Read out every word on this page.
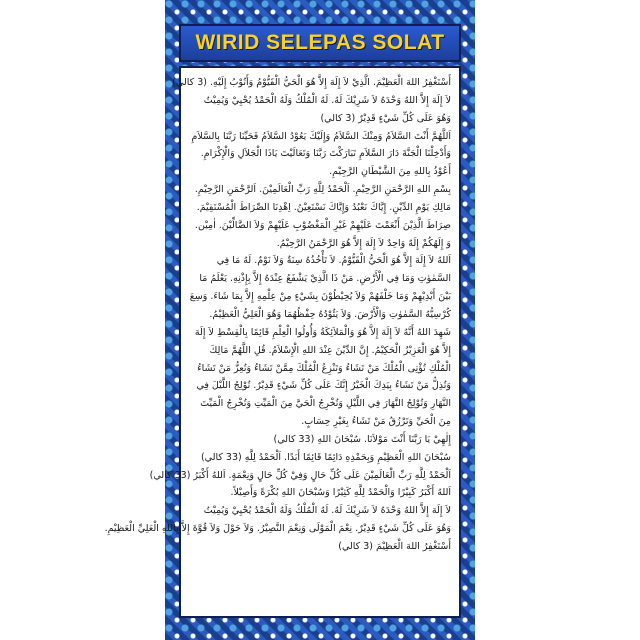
WIRID SELEPAS SOLAT
أَسْتَغْفِرُ اللهَ الْعَظِيْمَ. الَّذِيْ لاَ إِلَهَ إِلاَّ هُوَ الْحَيُّ الْقَيُّوْمُ وَأَتُوْبُ إِلَيْهِ. (3 كالي)
لاَ إِلَهَ إِلاَّ اللهُ وَحْدَهُ لاَ شَرِيْكَ لَهُ. لَهُ الْمُلْكُ وَلَهُ الْحَمْدُ يُحْيِيْ وَيُمِيْتُ
وَهُوَ عَلَى كُلِّ شَيْءٍ قَدِيْرٌ (3 كالي)
اَللَّهُمَّ أَنْتَ السَّلاَمُ وَمِنْكَ السَّلاَمُ وَإِلَيْكَ يَعُوْدُ السَّلاَمُ فَحَيِّنَا رَبَّنَا بِالسَّلاَمِ
وَأَدْخِلْنَا الْجَنَّةَ دَارَ السَّلاَمِ تَبَارَكْتَ رَبَّنَا وَتَعَالَيْتَ يَاذَا الْجَلاَلِ وَالْإِكْرَامِ.
أَعُوْذُ بِاللهِ مِنَ الشَّيْطَانِ الرَّجِيْمِ.
بِسْمِ اللهِ الرَّحْمَنِ الرَّحِيْمِ. اَلْحَمْدُ لِلَّهِ رَبِّ الْعَالَمِيْنَ. اَلرَّحْمَنِ الرَّحِيْمِ.
مَالِكِ يَوْمِ الدِّيْنِ. إِيَّاكَ نَعْبُدُ وَإِيَّاكَ نَسْتَعِيْنُ. اِهْدِنَا الصِّرَاطَ الْمُسْتَقِيْمَ.
صِرَاطَ الَّذِيْنَ أَنْعَمْتَ عَلَيْهِمْ غَيْرِ الْمَغْضُوْبِ عَلَيْهِمْ وَلاَ الضَّالِّيْنَ. اٰمِيْن.
وَ إِلَهُكُمْ إِلَهٌ وَاحِدٌ لاَ إِلَهَ إِلاَّ هُوَ الرَّحْمَنُ الرَّحِيْمُ.
اَللهُ لاَ إِلَهَ إِلاَّ هُوَ الْحَيُّ الْقَيُّوْمُ. لاَ تَأْخُذُهُ سِنَةٌ وَلاَ نَوْمٌ. لَهُ مَا فِي
السَّمٰوٰتِ وَمَا فِي الْأَرْضِ. مَنْ ذَا الَّذِيْ يَشْفَعُ عِنْدَهُ إِلاَّ بِإِذْنِهِ. يَعْلَمُ مَا
بَيْنَ أَيْدِيْهِمْ وَمَا خَلْفَهُمْ وَلاَ يُحِيْطُوْنَ بِشَيْءٍ مِنْ عِلْمِهِ إِلاَّ بِمَا شَاءَ. وَسِعَ
كُرْسِيُّهُ السَّمٰوٰتِ وَالْأَرْضَ. وَلاَ يَئُوْدُهُ حِفْظُهُمَا وَهُوَ الْعَلِيُّ الْعَظِيْمُ.
شَهِدَ اللهُ أَنَّهُ لاَ إِلَهَ إِلاَّ هُوَ وَالْمَلاَئِكَةُ وَأُولُوا الْعِلْمِ قَائِمًا بِالْقِسْطِ لاَ إِلَهَ
إِلاَّ هُوَ الْعَزِيْزُ الْحَكِيْمُ. إِنَّ الدِّيْنَ عِنْدَ اللهِ الْإِسْلاَمُ. قُلِ اللَّهُمَّ مَالِكَ
الْمُلْكِ تُؤْتِى الْمُلْكَ مَنْ تَشَاءُ وَتَنْزِعُ الْمُلْكَ مِمَّنْ تَشَاءُ وَتُعِزُّ مَنْ تَشَاءُ
وَتُذِلُّ مَنْ تَشَاءُ بِيَدِكَ الْخَيْرُ إِنَّكَ عَلَى كُلِّ شَيْءٍ قَدِيْرٌ. تُوْلِجُ اللَّيْلَ فِي
النَّهَارِ وَتُوْلِجُ النَّهَارَ فِي اللَّيْلِ وَتُخْرِجُ الْحَيَّ مِنَ الْمَيِّتِ وَتُخْرِجُ الْمَيِّتَ
مِنَ الْحَيِّ وَتَرْزُقُ مَنْ تَشَاءُ بِغَيْرِ حِسَابٍ.
إِلٰهِيْ يَا رَبَّنَا أَنْتَ مَوْلاَنَا. سُبْحَانَ اللهِ (33 كالي)
سُبْحَانَ اللهِ الْعَظِيْمِ وَبِحَمْدِهِ دَائِمًا قَائِمًا أَبَدًا. اَلْحَمْدُ لِلَّهِ (33 كالي)
اَلْحَمْدُ لِلَّهِ رَبِّ الْعَالَمِيْنَ عَلَى كُلِّ حَالٍ وَفِيْ كُلِّ حَالٍ وَنِعْمَةٍ. اَللهُ أَكْبَرُ (33 كالي)
اَللهُ أَكْبَرُ كَبِيْرًا وَالْحَمْدُ لِلَّهِ كَثِيْرًا وَسُبْحَانَ اللهِ بُكْرَةً وَأَصِيْلاً.
لاَ إِلَهَ إِلاَّ اللهُ وَحْدَهُ لاَ شَرِيْكَ لَهُ. لَهُ الْمُلْكُ وَلَهُ الْحَمْدُ يُحْيِيْ وَيُمِيْتُ
وَهُوَ عَلَى كُلِّ شَيْءٍ قَدِيْرٌ. نِعْمَ الْمَوْلَى وَنِعْمَ النَّصِيْرُ. وَلاَ حَوْلَ وَلاَ قُوَّةَ إِلاَّ بِاللهِ الْعَلِيِّ الْعَظِيْمِ.
أَسْتَغْفِرُ اللهَ الْعَظِيْمَ (3 كالي)
